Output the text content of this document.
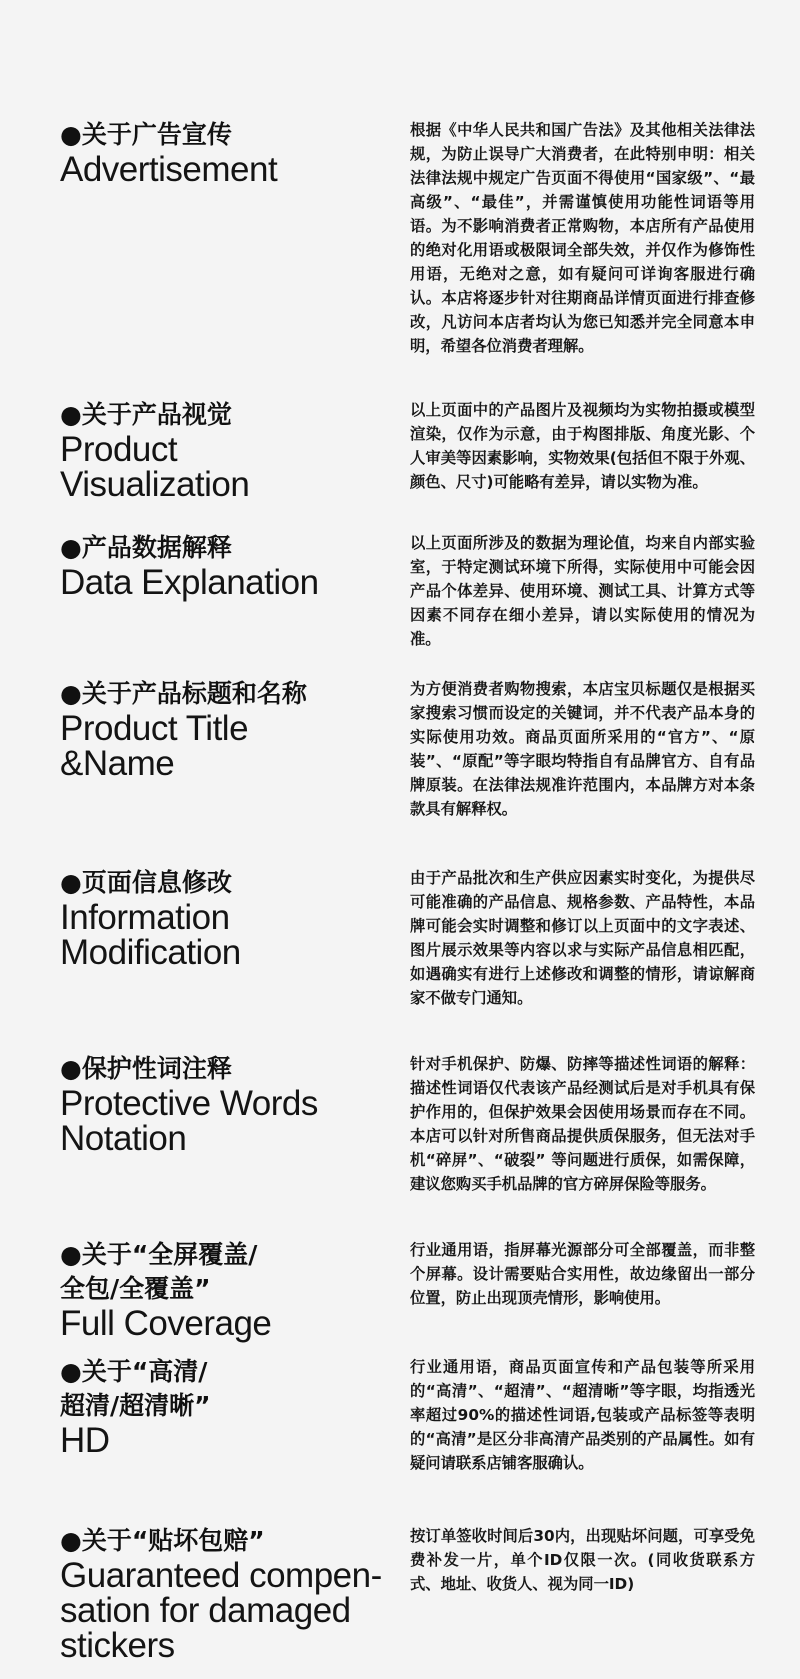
●关于广告宣传
Advertisement
根据《中华人民共和国广告法》及其他相关法律法规，为防止误导广大消费者，在此特别申明：相关法律法规中规定广告页面不得使用“国家级”、“最高级”、“最佳”，并需谨慎使用功能性词语等用语。为不影响消费者正常购物，本店所有产品使用的绝对化用语或极限词全部失效，并仅作为修饰性用语，无绝对之意，如有疑问可详询客服进行确认。本店将逐步针对往期商品详情页面进行排查修改，凡访问本店者均认为您已知悉并完全同意本申明，希望各位消费者理解。
●关于产品视觉
Product
Visualization
以上页面中的产品图片及视频均为实物拍摄或模型渲染，仅作为示意，由于构图排版、角度光影、个人审美等因素影响，实物效果(包括但不限于外观、颜色、尺寸)可能略有差异，请以实物为准。
●产品数据解释
Data Explanation
以上页面所涉及的数据为理论值，均来自内部实验室，于特定测试环境下所得，实际使用中可能会因产品个体差异、使用环境、测试工具、计算方式等因素不同存在细小差异，请以实际使用的情况为准。
●关于产品标题和名称
Product Title
&Name
为方便消费者购物搜索，本店宝贝标题仅是根据买家搜索习惯而设定的关键词，并不代表产品本身的实际使用功效。商品页面所采用的“官方”、“原装”、“原配”等字眼均特指自有品牌官方、自有品牌原装。在法律法规准许范围内，本品牌方对本条款具有解释权。
●页面信息修改
Information
Modification
由于产品批次和生产供应因素实时变化，为提供尽可能准确的产品信息、规格参数、产品特性，本品牌可能会实时调整和修订以上页面中的文字表述、图片展示效果等内容以求与实际产品信息相匹配，如遇确实有进行上述修改和调整的情形，请谅解商家不做专门通知。
●保护性词注释
Protective Words
Notation
针对手机保护、防爆、防摔等描述性词语的解释：描述性词语仅代表该产品经测试后是对手机具有保护作用的，但保护效果会因使用场景而存在不同。本店可以针对所售商品提供质保服务，但无法对手机“碎屏”、“破裂” 等问题进行质保，如需保障，建议您购买手机品牌的官方碎屏保险等服务。
●关于“全屏覆盖/
全包/全覆盖”
Full Coverage
行业通用语，指屏幕光源部分可全部覆盖，而非整个屏幕。设计需要贴合实用性，故边缘留出一部分位置，防止出现顶壳情形，影响使用。
●关于“高清/
超清/超清晰”
HD
行业通用语，商品页面宣传和产品包装等所采用的“高清”、“超清”、“超清晰”等字眼，均指透光率超过90%的描述性词语,包装或产品标签等表明的“高清”是区分非高清产品类别的产品属性。如有疑问请联系店铺客服确认。
●关于“贴坏包赔”
Guaranteed compen-
sation for damaged
stickers
按订单签收时间后30内，出现贴坏问题，可享受免费补发一片，单个ID仅限一次。(同收货联系方式、地址、收货人、视为同一ID)
